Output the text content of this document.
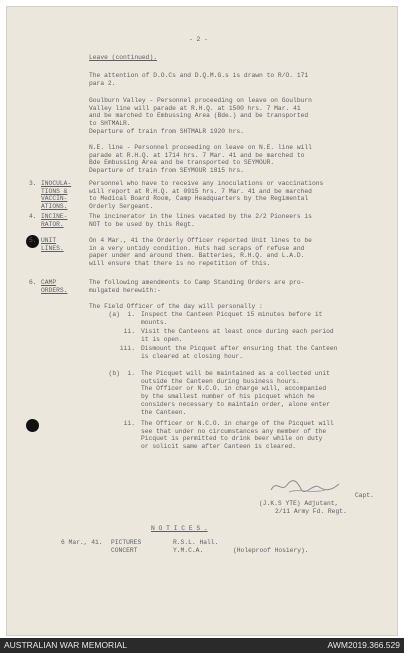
- 2 -
Leave (continued).
The attention of D.O.Cs and D.Q.M.G.s is drawn to R/O. 171
para 2.
Goulburn Valley - Personnel proceeding on leave on Goulburn
Valley line will parade at R.H.Q. at 1500 hrs. 7 Mar. 41
and be marched to Embussing Area (Bde.) and be transported
to SHTMALR.
Departure of train from SHTMALR 1920 hrs.
N.E. line - Personnel proceeding on leave on N.E. line will
parade at R.H.Q. at 1714 hrs. 7 Mar. 41 and be marched to
Bde Embussing Area and be transported to SEYMOUR.
Departure of train from SEYMOUR 1815 hrs.
3. INOCULA-
TIONS &
VACCIN-
ATIONS.
Personnel who have to receive any inoculations or vaccinations
will report at R.H.Q. at 0915 hrs. 7 Mar. 41 and be marched
to Medical Board Room, Camp Headquarters by the Regimental
Orderly Sergeant.
4. INCINE-
RATOR.
The incinerator in the lines vacated by the 2/2 Pioneers is
NOT to be used by this Regt.
5. UNIT
LINES.
On 4 Mar., 41 the Orderly Officer reported Unit lines to be
in a very untidy condition. Huts had scraps of refuse and
paper under and around them. Batteries, R.H.Q. and L.A.D.
will ensure that there is no repetition of this.
6. CAMP
ORDERS.
The following amendments to Camp Standing Orders are pro-
mulgated herewith:-
The Field Officer of the day will personally :
(a)  i. Inspect the Canteen Picquet 15 minutes before it
mounts.
ii. Visit the Canteens at least once during each period
it is open.
iii. Dismount the Picquet after ensuring that the Canteen
is cleared at closing hour.
(b)  i. The Picquet will be maintained as a collected unit
outside the Canteen during business hours.
The Officer or N.C.O. in charge will, accompanied
by the smallest number of his picquet which he
considers necessary to maintain order, alone enter
the Canteen.
ii. The Officer or N.C.O. in charge of the Picquet will
see that under no circumstances any member of the
Picquet is permitted to drink beer while on duty
or solicit same after Canteen is cleared.
Capt.
(J.K.S YTE) Adjutant,
2/11 Army Fd. Regt.
N O T I C E S .
6 Mar., 41. PICTURES
CONCERT
R.S.L. Hall.
Y.M.C.A.	(Holeproof Hosiery).
AUSTRALIAN WAR MEMORIAL	AWM2019.366.529
